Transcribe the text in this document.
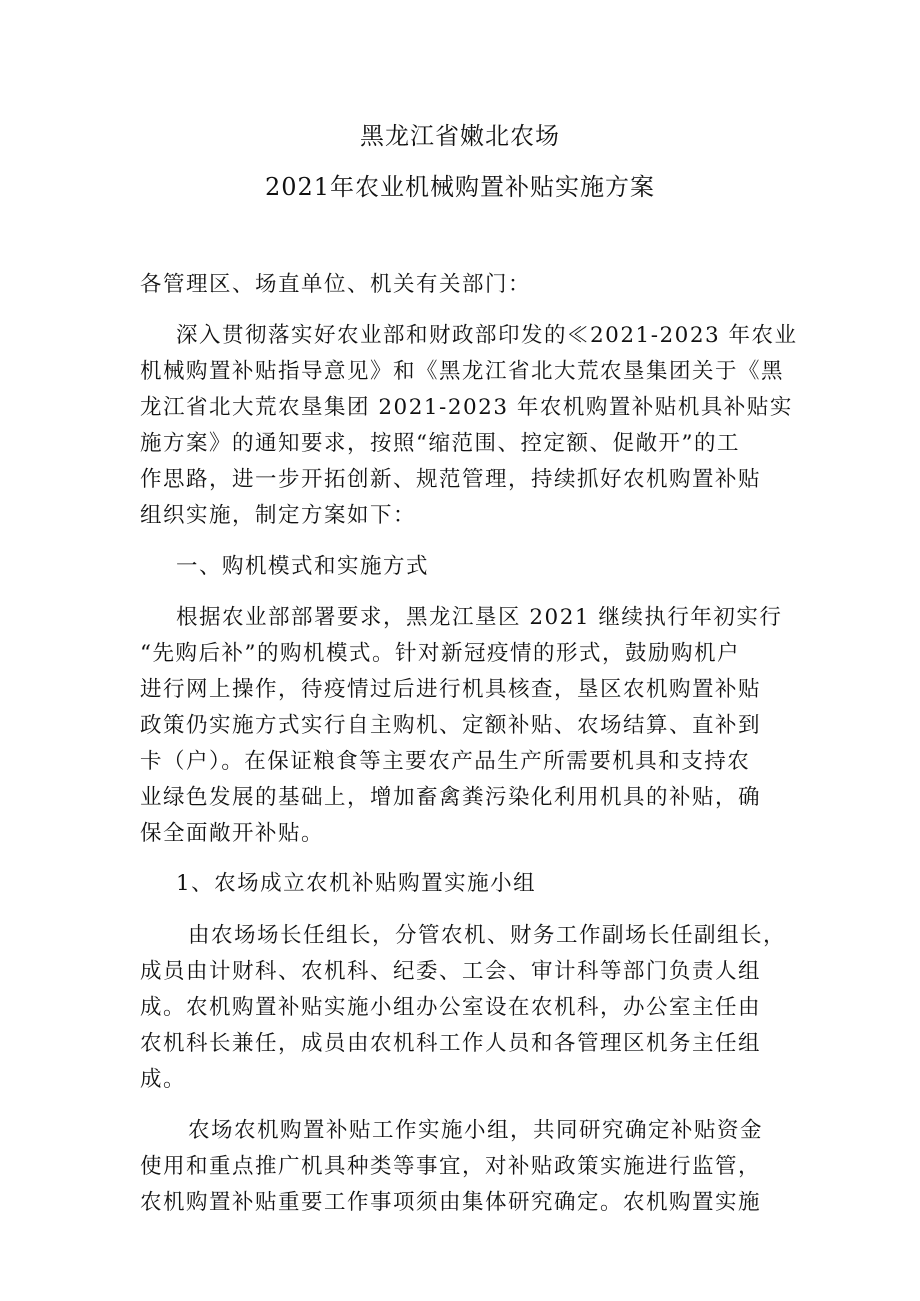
黑龙江省嫩北农场
2021年农业机械购置补贴实施方案
各管理区、场直单位、机关有关部门：
深入贯彻落实好农业部和财政部印发的≪2021-2023 年农业
机械购置补贴指导意见》和《黑龙江省北大荒农垦集团关于《黑
龙江省北大荒农垦集团 2021-2023 年农机购置补贴机具补贴实
施方案》的通知要求，按照“缩范围、控定额、促敞开”的工
作思路，进一步开拓创新、规范管理，持续抓好农机购置补贴
组织实施，制定方案如下：
一、购机模式和实施方式
根据农业部部署要求，黑龙江垦区 2021 继续执行年初实行
“先购后补”的购机模式。针对新冠疫情的形式，鼓励购机户
进行网上操作，待疫情过后进行机具核查，垦区农机购置补贴
政策仍实施方式实行自主购机、定额补贴、农场结算、直补到
卡（户）。在保证粮食等主要农产品生产所需要机具和支持农
业绿色发展的基础上，增加畜禽粪污染化利用机具的补贴，确
保全面敞开补贴。
1、农场成立农机补贴购置实施小组
由农场场长任组长，分管农机、财务工作副场长任副组长，
成员由计财科、农机科、纪委、工会、审计科等部门负责人组
成。农机购置补贴实施小组办公室设在农机科，办公室主任由
农机科长兼任，成员由农机科工作人员和各管理区机务主任组
成。
农场农机购置补贴工作实施小组，共同研究确定补贴资金
使用和重点推广机具种类等事宜，对补贴政策实施进行监管，
农机购置补贴重要工作事项须由集体研究确定。农机购置实施
